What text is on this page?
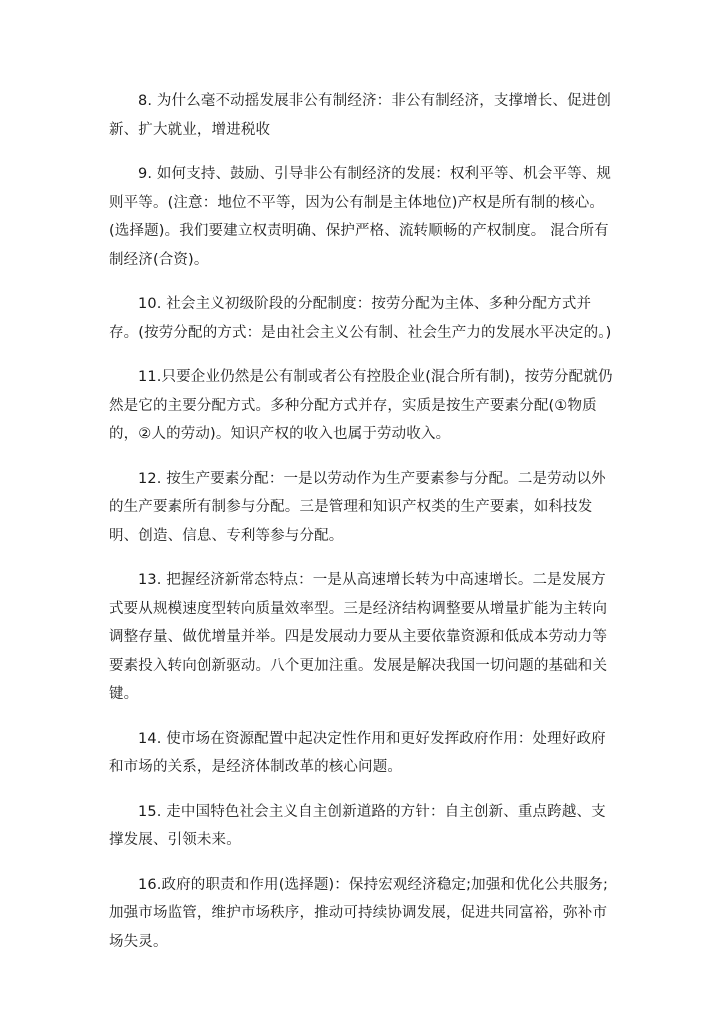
8. 为什么毫不动摇发展非公有制经济：非公有制经济，支撑增长、促进创新、扩大就业，增进税收

9. 如何支持、鼓励、引导非公有制经济的发展：权利平等、机会平等、规则平等。(注意：地位不平等，因为公有制是主体地位)产权是所有制的核心。(选择题)。我们要建立权责明确、保护严格、流转顺畅的产权制度。 混合所有制经济(合资)。

10. 社会主义初级阶段的分配制度：按劳分配为主体、多种分配方式并存。(按劳分配的方式：是由社会主义公有制、社会生产力的发展水平决定的。)

11.只要企业仍然是公有制或者公有控股企业(混合所有制)，按劳分配就仍然是它的主要分配方式。多种分配方式并存，实质是按生产要素分配(①物质的，②人的劳动)。知识产权的收入也属于劳动收入。

12. 按生产要素分配：一是以劳动作为生产要素参与分配。二是劳动以外的生产要素所有制参与分配。三是管理和知识产权类的生产要素，如科技发明、创造、信息、专利等参与分配。

13. 把握经济新常态特点：一是从高速增长转为中高速增长。二是发展方式要从规模速度型转向质量效率型。三是经济结构调整要从增量扩能为主转向调整存量、做优增量并举。四是发展动力要从主要依靠资源和低成本劳动力等要素投入转向创新驱动。八个更加注重。发展是解决我国一切问题的基础和关键。

14. 使市场在资源配置中起决定性作用和更好发挥政府作用：处理好政府和市场的关系，是经济体制改革的核心问题。

15. 走中国特色社会主义自主创新道路的方针：自主创新、重点跨越、支撑发展、引领未来。

16.政府的职责和作用(选择题)：保持宏观经济稳定;加强和优化公共服务;加强市场监管，维护市场秩序，推动可持续协调发展，促进共同富裕，弥补市场失灵。
